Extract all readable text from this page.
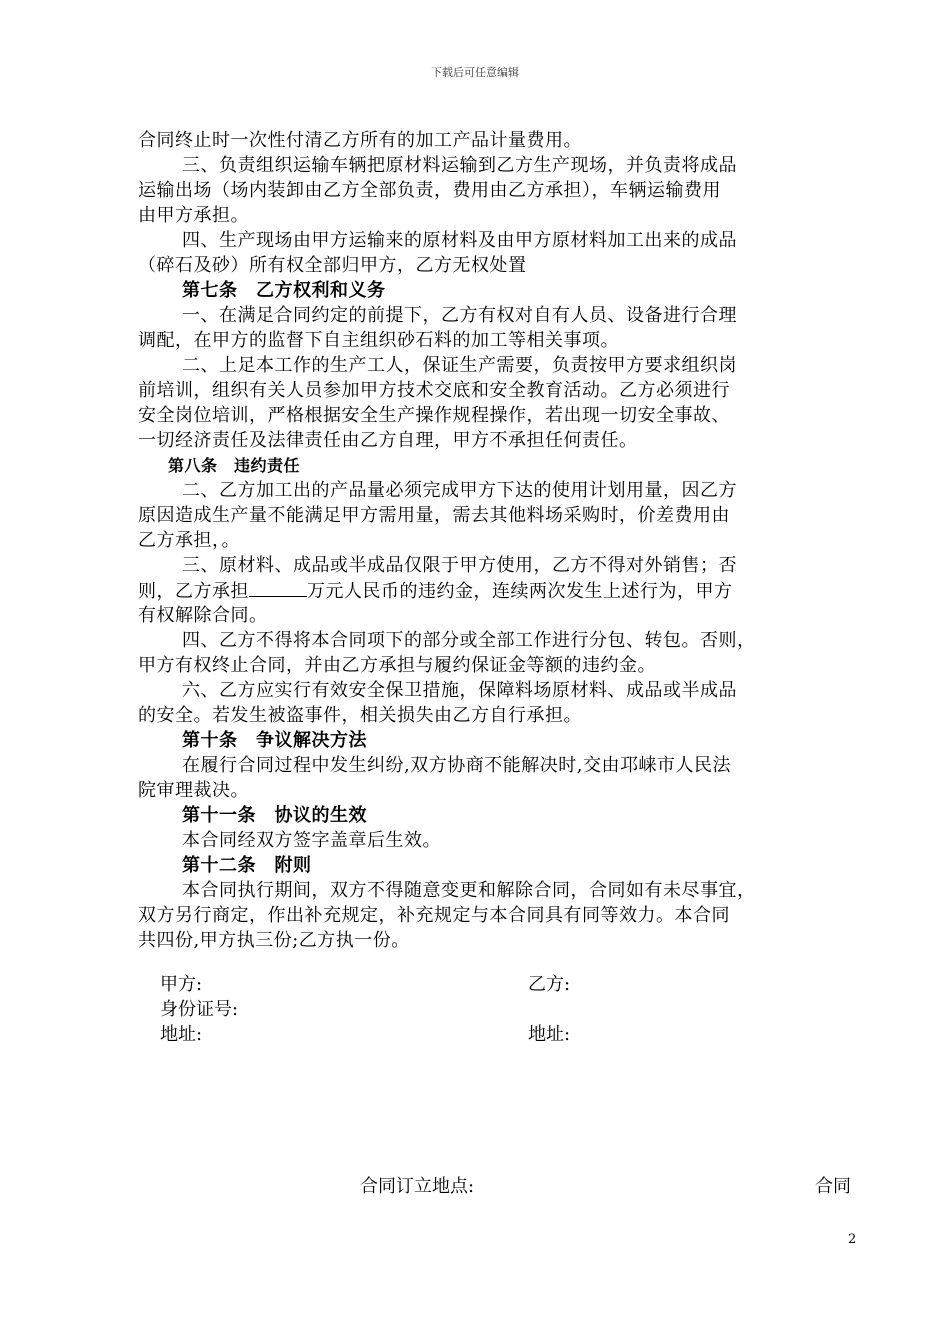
下载后可任意编辑
合同终止时一次性付清乙方所有的加工产品计量费用。
三、负责组织运输车辆把原材料运输到乙方生产现场，并负责将成品
运输出场（场内装卸由乙方全部负责，费用由乙方承担），车辆运输费用
由甲方承担。
四、生产现场由甲方运输来的原材料及由甲方原材料加工出来的成品
（碎石及砂）所有权全部归甲方，乙方无权处置
第七条　乙方权利和义务
一、在满足合同约定的前提下，乙方有权对自有人员、设备进行合理
调配，在甲方的监督下自主组织砂石料的加工等相关事项。
二、上足本工作的生产工人，保证生产需要，负责按甲方要求组织岗
前培训，组织有关人员参加甲方技术交底和安全教育活动。乙方必须进行
安全岗位培训，严格根据安全生产操作规程操作，若出现一切安全事故、
一切经济责任及法律责任由乙方自理，甲方不承担任何责任。
第八条　违约责任
二、乙方加工出的产品量必须完成甲方下达的使用计划用量，因乙方
原因造成生产量不能满足甲方需用量，需去其他料场采购时，价差费用由
乙方承担，。
三、原材料、成品或半成品仅限于甲方使用，乙方不得对外销售；否
则，乙方承担	万元人民币的违约金，连续两次发生上述行为，甲方
有权解除合同。
四、乙方不得将本合同项下的部分或全部工作进行分包、转包。否则，
甲方有权终止合同，并由乙方承担与履约保证金等额的违约金。
六、乙方应实行有效安全保卫措施，保障料场原材料、成品或半成品
的安全。若发生被盗事件，相关损失由乙方自行承担。
第十条　争议解决方法
在履行合同过程中发生纠纷,双方协商不能解决时,交由邛崃市人民法
院审理裁决。
第十一条　协议的生效
本合同经双方签字盖章后生效。
第十二条　附则
本合同执行期间，双方不得随意变更和解除合同，合同如有未尽事宜，
双方另行商定，作出补充规定，补充规定与本合同具有同等效力。本合同
共四份,甲方执三份;乙方执一份。
甲方:
身份证号:
地址:
乙方:
地址:
合同订立地点:	合同
2
